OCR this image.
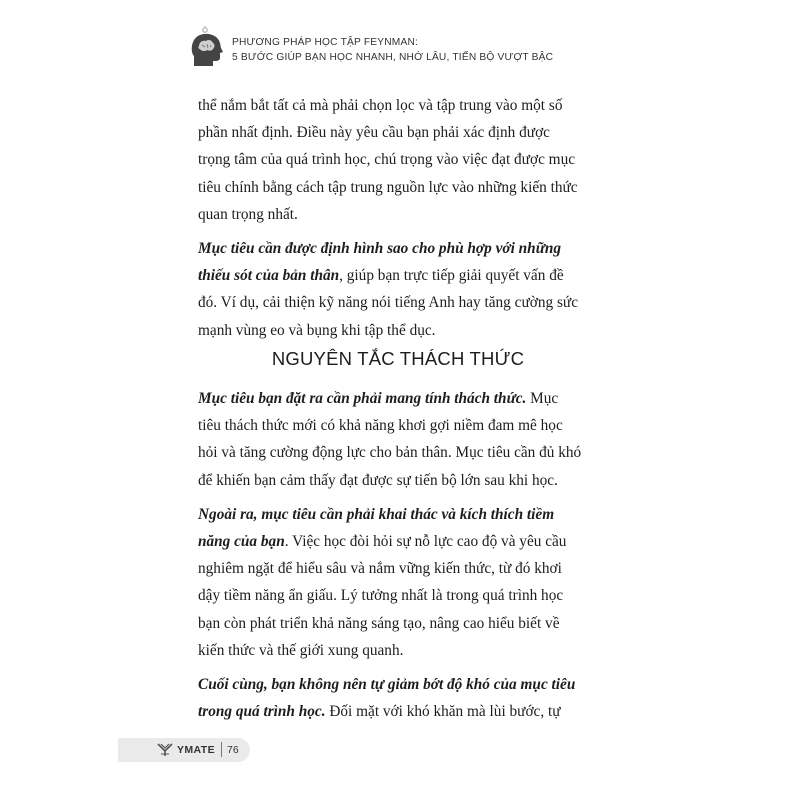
PHƯƠNG PHÁP HỌC TẬP FEYNMAN:
5 BƯỚC GIÚP BẠN HỌC NHANH, NHỚ LÂU, TIẾN BỘ VƯỢT BẬC

thể nắm bắt tất cả mà phải chọn lọc và tập trung vào một số
phần nhất định. Điều này yêu cầu bạn phải xác định được
trọng tâm của quá trình học, chú trọng vào việc đạt được mục
tiêu chính bằng cách tập trung nguồn lực vào những kiến thức
quan trọng nhất.

Mục tiêu cần được định hình sao cho phù hợp với những
thiếu sót của bản thân, giúp bạn trực tiếp giải quyết vấn đề
đó. Ví dụ, cải thiện kỹ năng nói tiếng Anh hay tăng cường sức
mạnh vùng eo và bụng khi tập thể dục.

NGUYÊN TẮC THÁCH THỨC

Mục tiêu bạn đặt ra cần phải mang tính thách thức. Mục
tiêu thách thức mới có khả năng khơi gợi niềm đam mê học
hỏi và tăng cường động lực cho bản thân. Mục tiêu cần đủ khó
để khiến bạn cảm thấy đạt được sự tiến bộ lớn sau khi học.

Ngoài ra, mục tiêu cần phải khai thác và kích thích tiềm
năng của bạn. Việc học đòi hỏi sự nỗ lực cao độ và yêu cầu
nghiêm ngặt để hiểu sâu và nắm vững kiến thức, từ đó khơi
dậy tiềm năng ẩn giấu. Lý tưởng nhất là trong quá trình học
bạn còn phát triển khả năng sáng tạo, nâng cao hiểu biết về
kiến thức và thế giới xung quanh.

Cuối cùng, bạn không nên tự giảm bớt độ khó của mục tiêu
trong quá trình học. Đối mặt với khó khăn mà lùi bước, tự

YMATE 76
